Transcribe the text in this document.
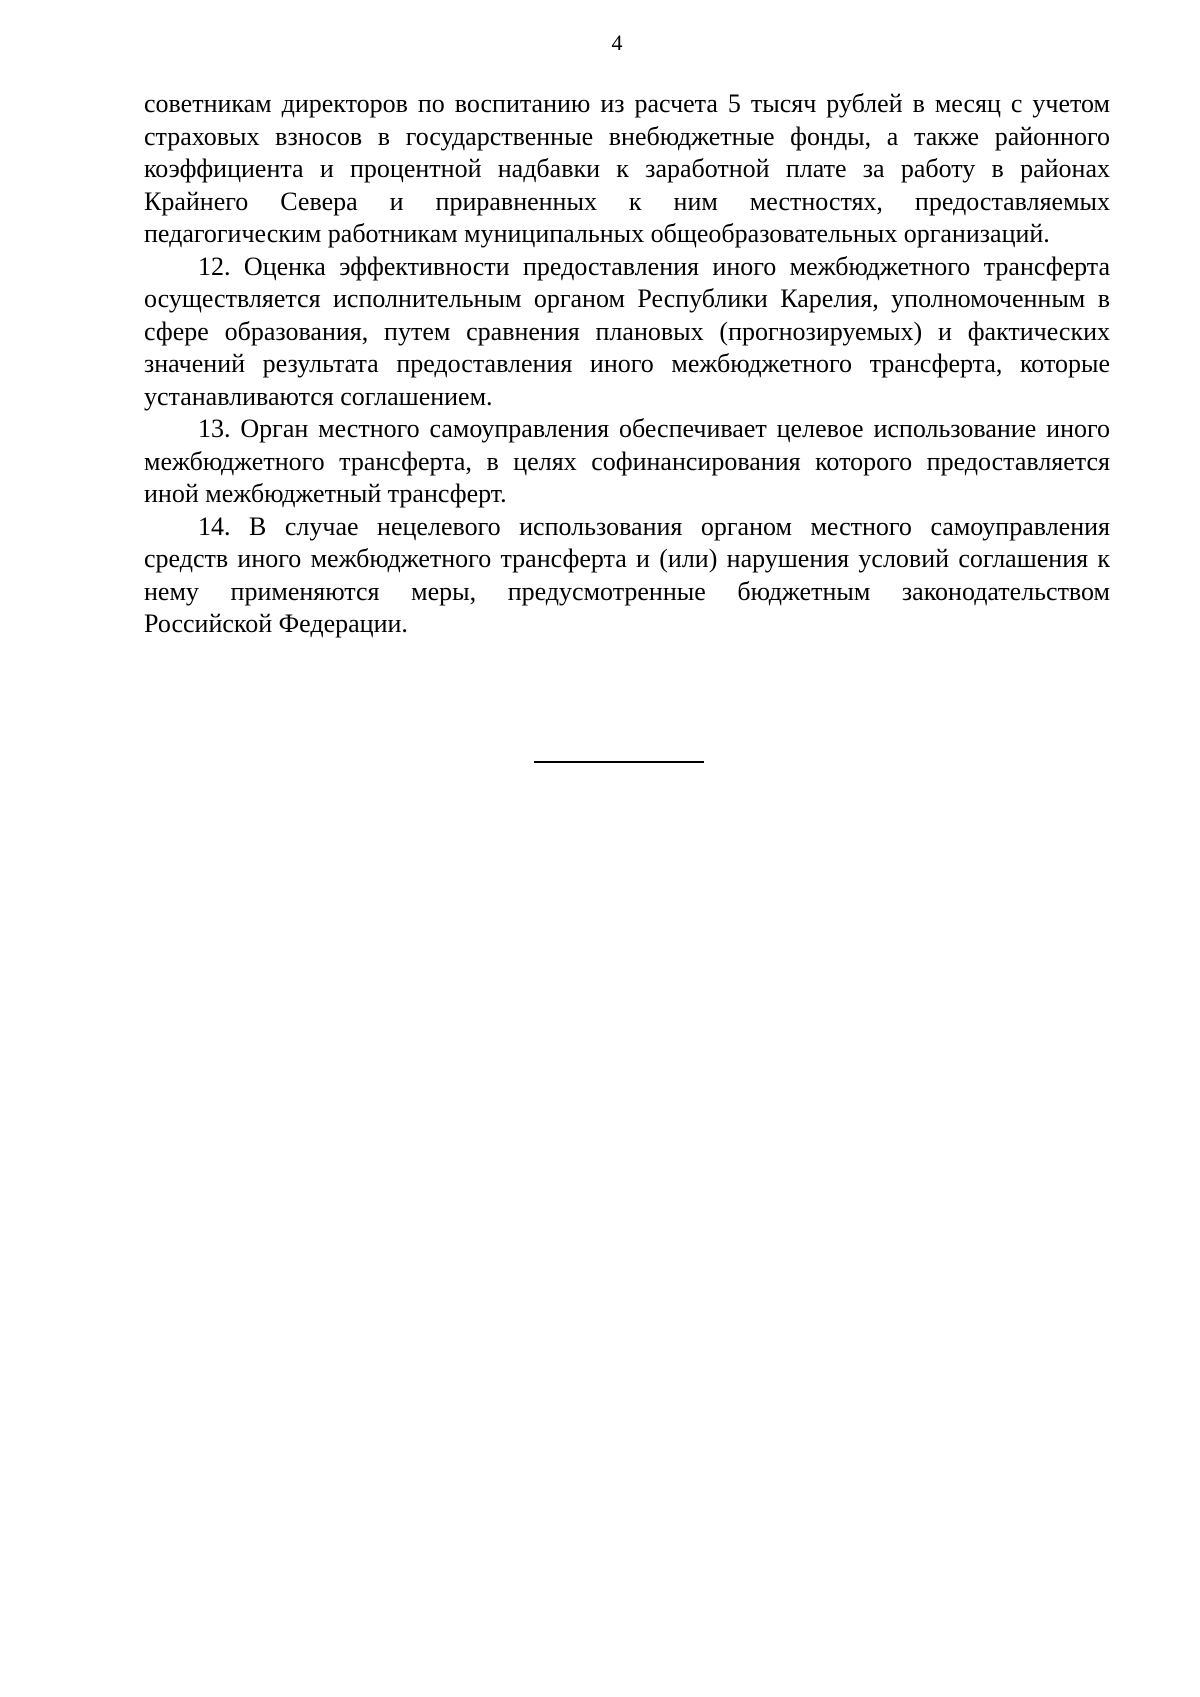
4

советникам директоров по воспитанию из расчета 5 тысяч рублей в месяц с учетом страховых взносов в государственные внебюджетные фонды, а также районного коэффициента и процентной надбавки к заработной плате за работу в районах Крайнего Севера и приравненных к ним местностях, предоставляемых педагогическим работникам муниципальных общеобразовательных организаций.

12. Оценка эффективности предоставления иного межбюджетного трансферта осуществляется исполнительным органом Республики Карелия, уполномоченным в сфере образования, путем сравнения плановых (прогнозируемых) и фактических значений результата предоставления иного межбюджетного трансферта, которые устанавливаются соглашением.

13. Орган местного самоуправления обеспечивает целевое использование иного межбюджетного трансферта, в целях софинансирования которого предоставляется иной межбюджетный трансферт.

14. В случае нецелевого использования органом местного самоуправления средств иного межбюджетного трансферта и (или) нарушения условий соглашения к нему применяются меры, предусмотренные бюджетным законодательством Российской Федерации.
